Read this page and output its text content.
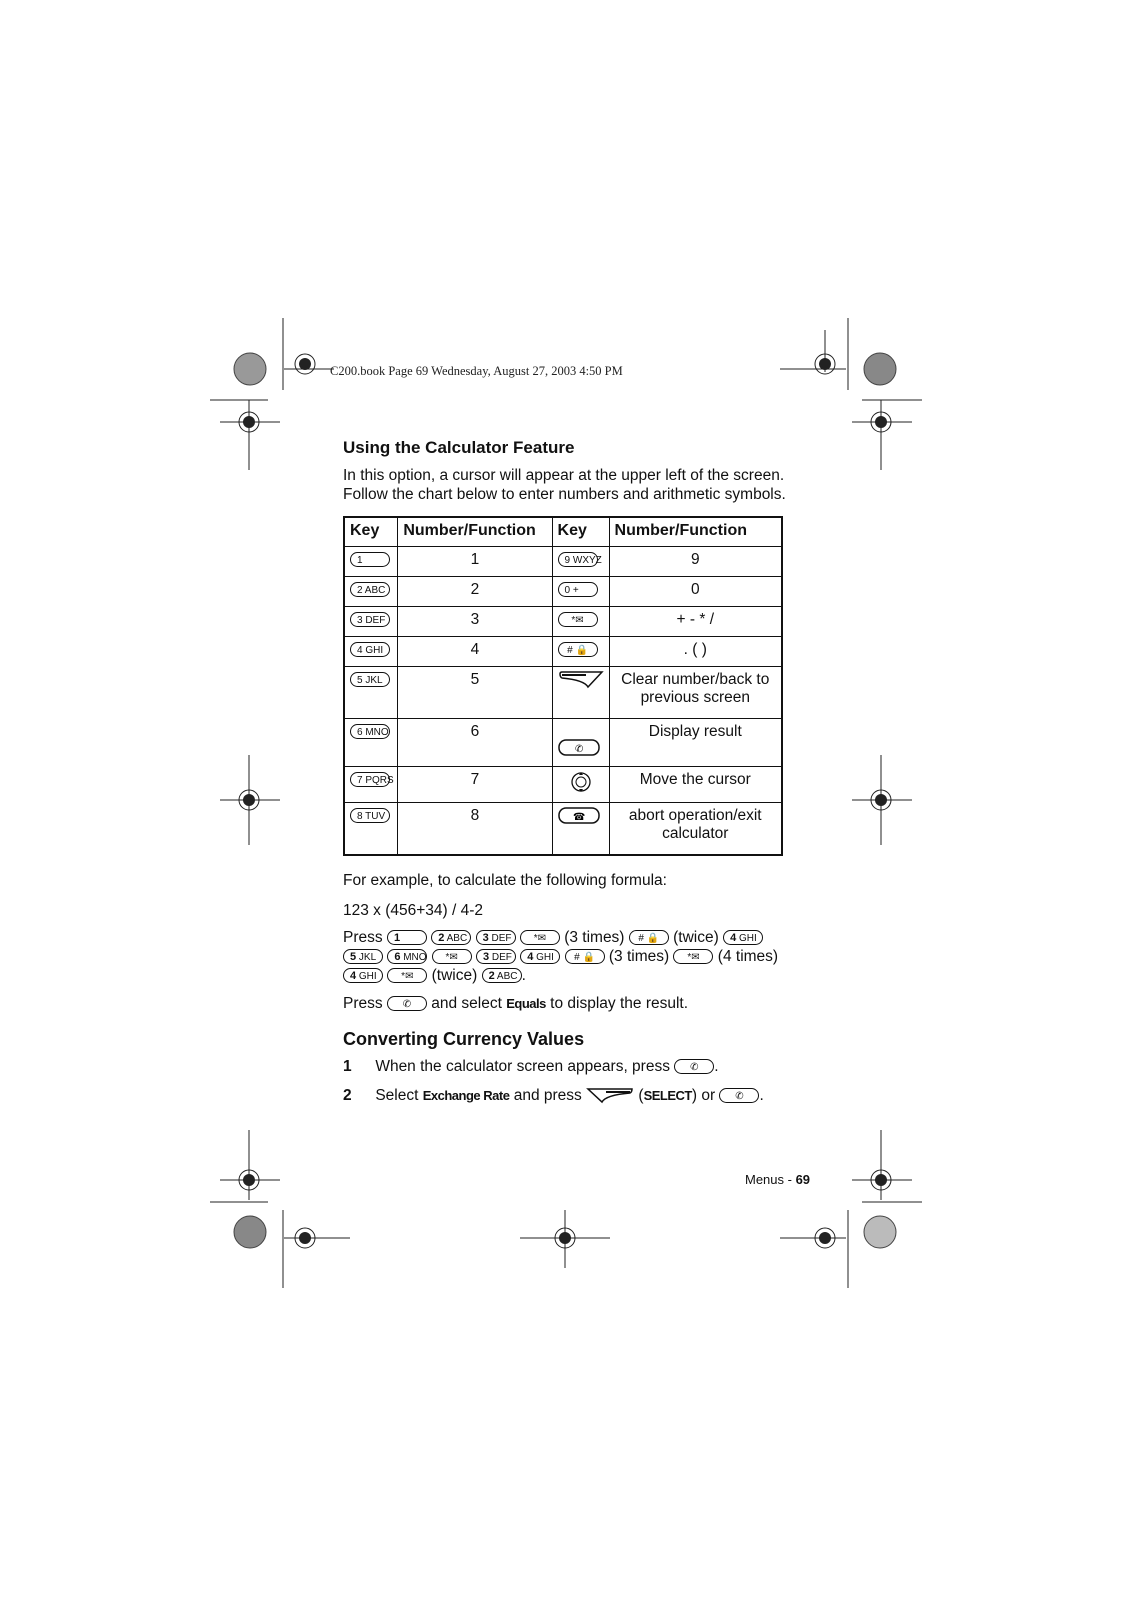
C200.book Page 69 Wednesday, August 27, 2003 4:50 PM
Using the Calculator Feature
In this option, a cursor will appear at the upper left of the screen. Follow the chart below to enter numbers and arithmetic symbols.
Key	Number/Function	Key	Number/Function
1	1	9 WXYZ	9
2 ABC	2	0 +	0
3 DEF	3	*✉	+ - * /
4 GHI	4	# 🔒	. ( )
5 JKL	5		Clear number/back to previous screen
6 MNO	6	✆	Display result
7 PQRS	7		Move the cursor
8 TUV	8	☎	abort operation/exit calculator
For example, to calculate the following formula:
123 x (456+34) / 4-2
Press 1	2 ABC 3 DEF *✉ (3 times) # 🔒 (twice) 4 GHI
5 JKL 6 MNO *✉ 3 DEF 4 GHI # 🔒 (3 times) *✉ (4 times)
4 GHI *✉ (twice) 2 ABC .
Press ✆ and select Equals to display the result.
Converting Currency Values
1 When the calculator screen appears, press ✆ .
2 Select Exchange Rate and press	(SELECT) or ✆ .
Menus - 69
